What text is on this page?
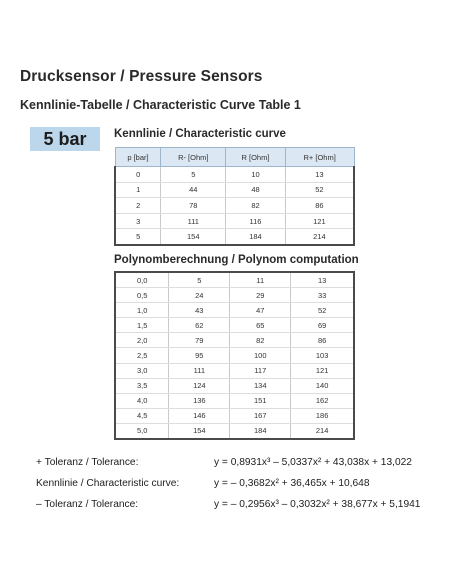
Drucksensor / Pressure Sensors
Kennlinie-Tabelle / Characteristic Curve Table 1
5 bar	Kennlinie / Characteristic curve
p [bar]	R- [Ohm]	R [Ohm]	R+ [Ohm]
0	5	10	13
1	44	48	52
2	78	82	86
3	111	116	121
5	154	184	214
Polynomberechnung / Polynom computation
0,0	5	11	13
0,5	24	29	33
1,0	43	47	52
1,5	62	65	69
2,0	79	82	86
2,5	95	100	103
3,0	111	117	121
3,5	124	134	140
4,0	136	151	162
4,5	146	167	186
5,0	154	184	214
+ Toleranz / Tolerance:	y = 0,8931x³ – 5,0337x² + 43,038x + 13,022
Kennlinie / Characteristic curve:	y = – 0,3682x² + 36,465x + 10,648
– Toleranz / Tolerance:	y = – 0,2956x³ – 0,3032x² + 38,677x + 5,1941
